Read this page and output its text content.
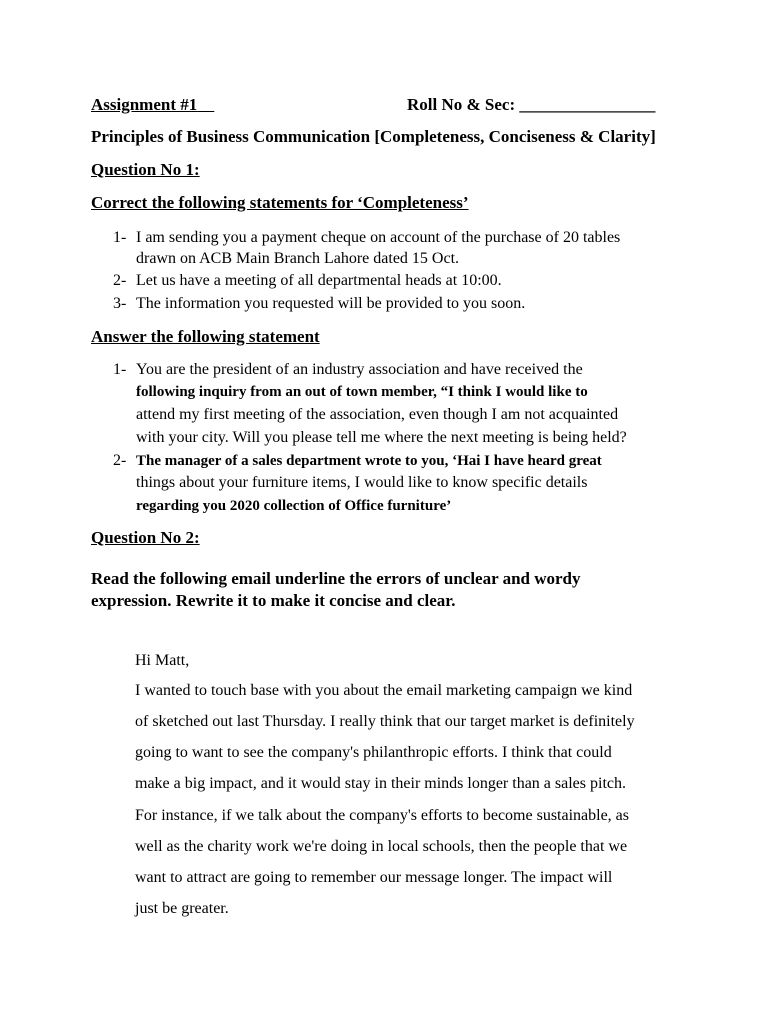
Assignment #1	Roll No & Sec: ________________
Principles of Business Communication [Completeness, Conciseness & Clarity]
Question No 1:
Correct the following statements for ‘Completeness’
1- I am sending you a payment cheque on account of the purchase of 20 tables
drawn on ACB Main Branch Lahore dated 15 Oct.
2- Let us have a meeting of all departmental heads at 10:00.
3- The information you requested will be provided to you soon.
Answer the following statement
1- You are the president of an industry association and have received the
following inquiry from an out of town member, “I think I would like to
attend my first meeting of the association, even though I am not acquainted
with your city. Will you please tell me where the next meeting is being held?
2- The manager of a sales department wrote to you, ‘Hai I have heard great
things about your furniture items, I would like to know specific details
regarding you 2020 collection of Office furniture’
Question No 2:
Read the following email underline the errors of unclear and wordy
expression. Rewrite it to make it concise and clear.
Hi Matt,
I wanted to touch base with you about the email marketing campaign we kind
of sketched out last Thursday. I really think that our target market is definitely
going to want to see the company's philanthropic efforts. I think that could
make a big impact, and it would stay in their minds longer than a sales pitch.
For instance, if we talk about the company's efforts to become sustainable, as
well as the charity work we're doing in local schools, then the people that we
want to attract are going to remember our message longer. The impact will
just be greater.
